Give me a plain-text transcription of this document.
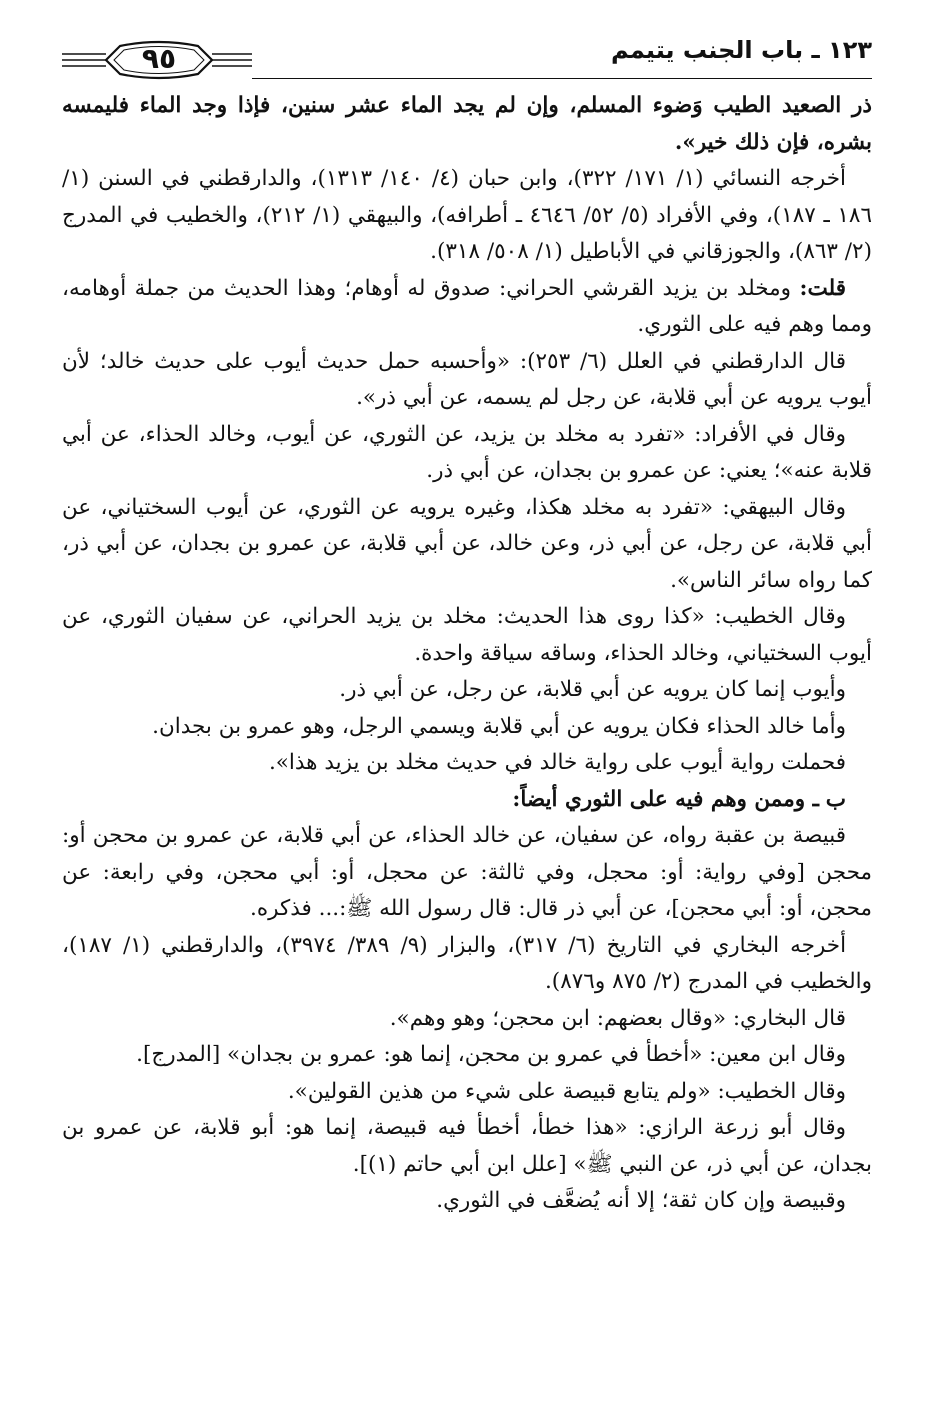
١٢٣ ـ باب الجنب يتيمم
٩٥

ذر الصعيد الطيب وَضوء المسلم، وإن لم يجد الماء عشر سنين، فإذا وجد الماء فليمسه بشره، فإن ذلك خير».

أخرجه النسائي (١/ ١٧١/ ٣٢٢)، وابن حبان (٤/ ١٤٠/ ١٣١٣)، والدارقطني في السنن (١/ ١٨٦ ـ ١٨٧)، وفي الأفراد (٥/ ٥٢/ ٤٦٤٦ ـ أطرافه)، والبيهقي (١/ ٢١٢)، والخطيب في المدرج (٢/ ٨٦٣)، والجوزقاني في الأباطيل (١/ ٥٠٨/ ٣١٨).

قلت: ومخلد بن يزيد القرشي الحراني: صدوق له أوهام؛ وهذا الحديث من جملة أوهامه، ومما وهم فيه على الثوري.

قال الدارقطني في العلل (٦/ ٢٥٣): «وأحسبه حمل حديث أيوب على حديث خالد؛ لأن أيوب يرويه عن أبي قلابة، عن رجل لم يسمه، عن أبي ذر».

وقال في الأفراد: «تفرد به مخلد بن يزيد، عن الثوري، عن أيوب، وخالد الحذاء، عن أبي قلابة عنه»؛ يعني: عن عمرو بن بجدان، عن أبي ذر.

وقال البيهقي: «تفرد به مخلد هكذا، وغيره يرويه عن الثوري، عن أيوب السختياني، عن أبي قلابة، عن رجل، عن أبي ذر، وعن خالد، عن أبي قلابة، عن عمرو بن بجدان، عن أبي ذر، كما رواه سائر الناس».

وقال الخطيب: «كذا روى هذا الحديث: مخلد بن يزيد الحراني، عن سفيان الثوري، عن أيوب السختياني، وخالد الحذاء، وساقه سياقة واحدة.

وأيوب إنما كان يرويه عن أبي قلابة، عن رجل، عن أبي ذر.

وأما خالد الحذاء فكان يرويه عن أبي قلابة ويسمي الرجل، وهو عمرو بن بجدان.

فحملت رواية أيوب على رواية خالد في حديث مخلد بن يزيد هذا».

ب ـ وممن وهم فيه على الثوري أيضاً:

قبيصة بن عقبة رواه، عن سفيان، عن خالد الحذاء، عن أبي قلابة، عن عمرو بن محجن أو: محجن [وفي رواية: أو: محجل، وفي ثالثة: عن محجل، أو: أبي محجن، وفي رابعة: عن محجن، أو: أبي محجن]، عن أبي ذر قال: قال رسول الله ﷺ:... فذكره.

أخرجه البخاري في التاريخ (٦/ ٣١٧)، والبزار (٩/ ٣٨٩/ ٣٩٧٤)، والدارقطني (١/ ١٨٧)، والخطيب في المدرج (٢/ ٨٧٥ و٨٧٦).

قال البخاري: «وقال بعضهم: ابن محجن؛ وهو وهم».

وقال ابن معين: «أخطأ في عمرو بن محجن، إنما هو: عمرو بن بجدان» [المدرج].

وقال الخطيب: «ولم يتابع قبيصة على شيء من هذين القولين».

وقال أبو زرعة الرازي: «هذا خطأ، أخطأ فيه قبيصة، إنما هو: أبو قلابة، عن عمرو بن بجدان، عن أبي ذر، عن النبي ﷺ» [علل ابن أبي حاتم (١)].

وقبيصة وإن كان ثقة؛ إلا أنه يُضعَّف في الثوري.
